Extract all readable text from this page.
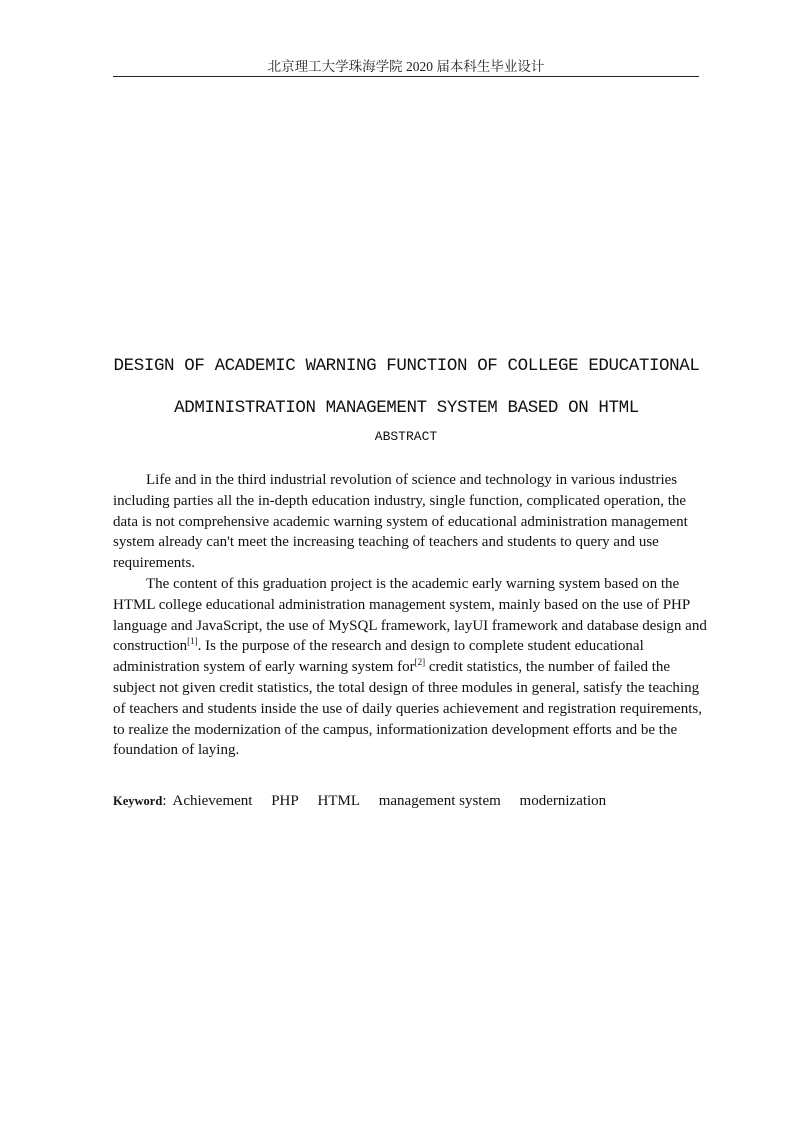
北京理工大学珠海学院 2020 届本科生毕业设计
DESIGN OF ACADEMIC WARNING FUNCTION OF COLLEGE EDUCATIONAL
ADMINISTRATION MANAGEMENT SYSTEM BASED ON HTML
ABSTRACT

Life and in the third industrial revolution of science and technology in various industries including parties all the in-depth education industry, single function, complicated operation, the data is not comprehensive academic warning system of educational administration management system already can't meet the increasing teaching of teachers and students to query and use requirements.

The content of this graduation project is the academic early warning system based on the HTML college educational administration management system, mainly based on the use of PHP language and JavaScript, the use of MySQL framework, layUI framework and database design and construction[1]. Is the purpose of the research and design to complete student educational administration system of early warning system for[2] credit statistics, the number of failed the subject not given credit statistics, the total design of three modules in general, satisfy the teaching of teachers and students inside the use of daily queries achievement and registration requirements, to realize the modernization of the campus, informationization development efforts and be the foundation of laying.

Keyword: Achievement PHP HTML management system modernization
